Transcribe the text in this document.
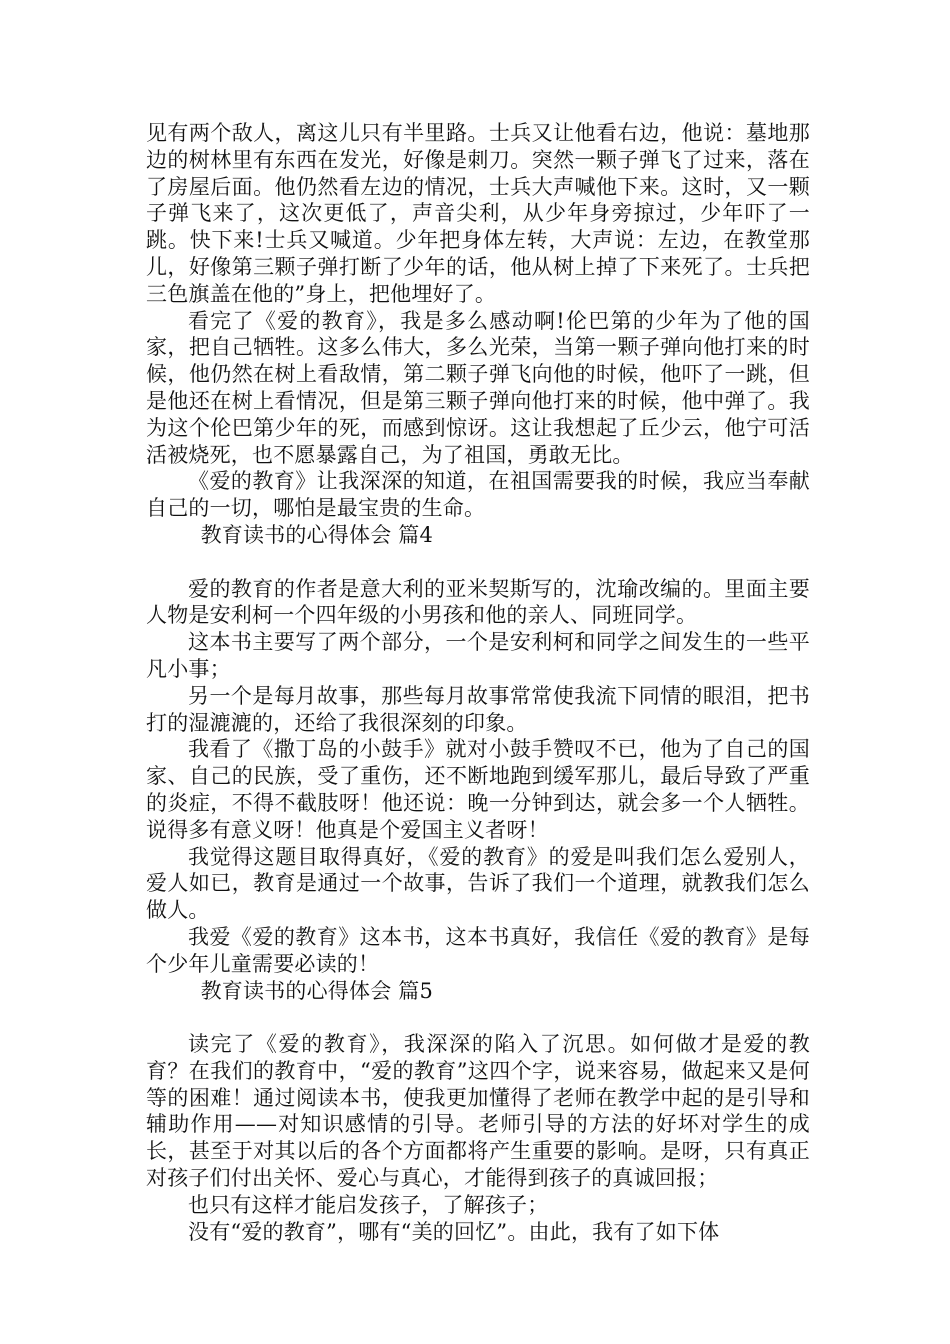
见有两个敌人，离这儿只有半里路。士兵又让他看右边，他说：墓地那边的树林里有东西在发光，好像是刺刀。突然一颗子弹飞了过来，落在了房屋后面。他仍然看左边的情况，士兵大声喊他下来。这时，又一颗子弹飞来了，这次更低了，声音尖利，从少年身旁掠过，少年吓了一跳。快下来!士兵又喊道。少年把身体左转，大声说：左边，在教堂那儿，好像第三颗子弹打断了少年的话，他从树上掉了下来死了。士兵把三色旗盖在他的”身上，把他埋好了。

看完了《爱的教育》，我是多么感动啊!伦巴第的少年为了他的国家，把自己牺牲。这多么伟大，多么光荣，当第一颗子弹向他打来的时候，他仍然在树上看敌情，第二颗子弹飞向他的时候，他吓了一跳，但是他还在树上看情况，但是第三颗子弹向他打来的时候，他中弹了。我为这个伦巴第少年的死，而感到惊讶。这让我想起了丘少云，他宁可活活被烧死，也不愿暴露自己，为了祖国，勇敢无比。

《爱的教育》让我深深的知道，在祖国需要我的时候，我应当奉献自己的一切，哪怕是最宝贵的生命。

教育读书的心得体会 篇4

爱的教育的作者是意大利的亚米契斯写的，沈瑜改编的。里面主要人物是安利柯一个四年级的小男孩和他的亲人、同班同学。

这本书主要写了两个部分，一个是安利柯和同学之间发生的一些平凡小事；

另一个是每月故事，那些每月故事常常使我流下同情的眼泪，把书打的湿漉漉的，还给了我很深刻的印象。

我看了《撒丁岛的小鼓手》就对小鼓手赞叹不已，他为了自己的国家、自己的民族，受了重伤，还不断地跑到缓军那儿，最后导致了严重的炎症，不得不截肢呀！他还说：晚一分钟到达，就会多一个人牺牲。说得多有意义呀！他真是个爱国主义者呀！

我觉得这题目取得真好，《爱的教育》的爱是叫我们怎么爱别人，爱人如已，教育是通过一个故事，告诉了我们一个道理，就教我们怎么做人。

我爱《爱的教育》这本书，这本书真好，我信任《爱的教育》是每个少年儿童需要必读的！

教育读书的心得体会 篇5

读完了《爱的教育》，我深深的陷入了沉思。如何做才是爱的教育？在我们的教育中，“爱的教育”这四个字，说来容易，做起来又是何等的困难！通过阅读本书，使我更加懂得了老师在教学中起的是引导和辅助作用——对知识感情的引导。老师引导的方法的好坏对学生的成长，甚至于对其以后的各个方面都将产生重要的影响。是呀，只有真正对孩子们付出关怀、爱心与真心，才能得到孩子的真诚回报；

也只有这样才能启发孩子，了解孩子；

没有“爱的教育”，哪有“美的回忆”。由此，我有了如下体
